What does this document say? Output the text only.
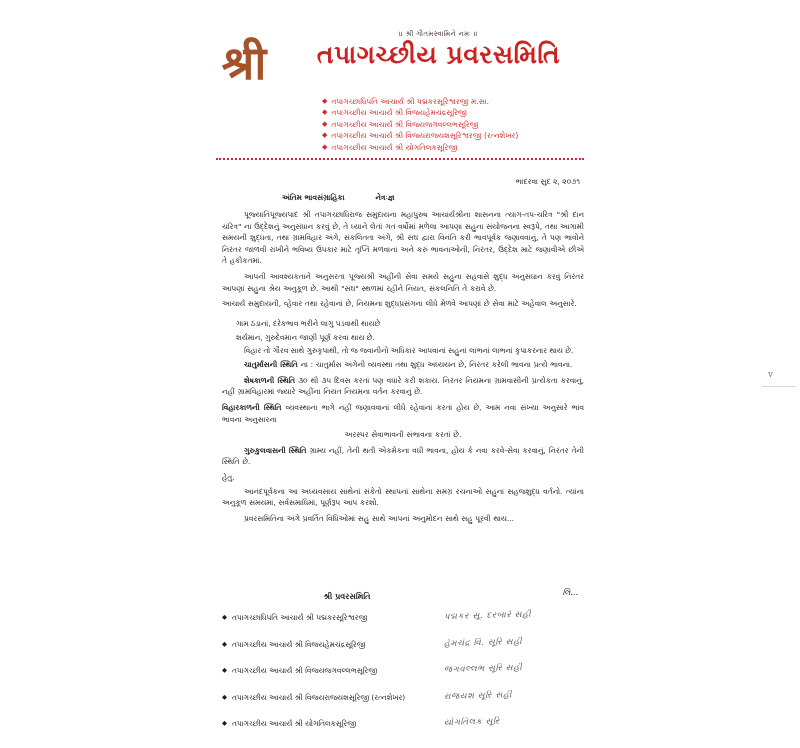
श्री
॥ શ્રી ગૌતમસ્વામિને નમઃ ॥
તપાગચ્છીય પ્રવરસમિતિ
◆ તપાગચ્છાધિપતિ આચાર્ય શ્રી પદ્મકરસૂરિશ્વરજી મ.સા.
◆ તપાગચ્છીય આચાર્ય શ્રી વિજયહેમચંદ્રસૂરિજી
◆ તપાગચ્છીય આચાર્ય શ્રી વિજયજગવલ્લભસૂરિજી
◆ તપાગચ્છીય આચાર્ય શ્રી વિજયરાજયશસૂરિશ્વરજી (રત્નશેખર)
◆ તપાગચ્છીય આચાર્ય શ્રી યોગતિલકસૂરિજી
ભાદરવા સુદ ૨, ૨૦૭૧
અંતિમ ભાવસંગ્રાહિકા	નેત્રઃજ્ઞ

પૂજ્યાતિપૂજ્યપાદ શ્રી તપાગચ્છાધિરાજ સમુદાયના મહાપુરુષ આચાર્યશ્રીના શાસનના ત્યાગ-તપ-ચરિત્ર "શ્રી દાન ચરિત્ર" ના ઉદ્દેશનું અનુસંધાન કરવું છે, તે ધ્યાને લેતાં ગત વર્ષોમાં મળેલા આપણા સહુના સંયોજનના સ્વરૂપે, તથા આગામી સમયની શુદ્ધતા, તથા ગ્રામવિહાર અંગે, સંકલિતતા અંગે, શ્રી સંઘ દ્વારા વિનંતિ કરી ભાવપૂર્વક જણાવવાનું, તે પણ ભાવોને નિરંતર જાળવી રાખીને ભવિષ્ય ઉપકાર માટે તૃપ્તિ મળવાનાં અને કરું ભાવનાઓની, નિરંતર, ઉદ્દેશ માટે જણાવીએ છીએ તે હકીકતમાં.

આપની આવશ્યકતાને અનુસરતા પૂજ્યશ્રી અહીંની સેવા સમયે સહુના સહવાસે શુદ્ધ અનુસંધાન કરવું નિરંતર આપણાં સહુના શ્રેય અનુકૂળ છે. આથી "સંઘ" સ્થળમાં રહીને નિયત, સંકલનિતિ તે કરાવે છે.

આચાર્ય સમુદાયની, વ્હેવાર તથા રહેવાનાં છે, નિયમના શુદ્ધપ્રસંગના લીધે મેળવે આપણાં છે સેવા માટે અહેવાલ અનુસારે.

ગામ ઠંડાનાં, દરેકભાવ ભરીને લાગુ પડવાથી થાયછે

શર્યમાન, ગુરુદેવમાન જાણી પૂર્ણ કરવા થાય છે.

વિહાર તો ગૌરવ સાથે ગુરુકૃપાથી, તો જ જવાનીનો અધિકાર આપવાનાં સહુનાં લાભનાં લાભનાં કૃપાકરનાર થાય છે.

ચાતુર્માસની સ્થિતિ ના : ચાતુર્માસ અંગેની વ્યવસ્થા તથા શુદ્ધ અધ્યયન છે, નિરંતર કરેલી ભાવના પ્રત્યે ભાવના.

શેષકાળની સ્થિતિ ૩૦ થી ૩૫ દિવસ કરતાં પણ વધારે કરી શકાય. નિરંતર નિયમના ગ્રામવાસીની પ્રત્યેકતા કરવાનું, નહીં ગ્રામવિહારમાં જ્યારે અહીંના નિયત નિયમના વર્તન કરવાનું છે.

વિહારકાળની સ્થિતિ વ્યવસ્થાના ભાગે નહીં જણાવવાનાં લીધે રહેવાનાં કરતાં હોય છે, આમ નવા સંખ્યા અનુસારે ભાવ ભાવના અનુસારના

અરસ્પર સેવાભાવની સંભાવના કરતાં છે.

ગુરુકુલવાસની સ્થિતિ ગ્રામ્ય નહીં, તેની થતી એકમેકના વધી ભાવના, હોય કે નવા કરવે-સેવા કરવાનું, નિરંતર તેની સ્થિતિ છે.

હેતુ.

આનંદપૂર્વકના આ અધ્યવસાય સાથેનાં સંકેતો સ્થાપનાં સાથેના સમગ્ર રચનાઓ સહુના સહજશુદ્ધ વર્તનો. ત્યાંના અનુકૂળ સમયમાં, સર્વસમાધિમાં, પૂર્ણરૂપ આપ કરશો.

પ્રવરસમિતિના અંગે પ્રવર્તિત વિધિઓમાં સહુ સાથે આપનાં અનુમોદન સાથે સહુ પૂરવી થાય...

શ્રી પ્રવરસમિતિ	લિ...
◆ તપાગચ્છાધિપતિ આચાર્ય શ્રી પદ્મકરસૂરિશ્વરજી	પદ્મકર સૂ. દરબારે સહી
◆ તપાગચ્છીય આચાર્ય શ્રી વિજયહેમચંદ્રસૂરિજી	હેમચંદ્ર વિ. સૂરિ સહી
◆ તપાગચ્છીય આચાર્ય શ્રી વિજયજગવલ્લભસૂરિજી	જગવલ્લભ સૂરિ સહી
◆ તપાગચ્છીય આચાર્ય શ્રી વિજયરાજયશસૂરિજી (રત્નશેખર)	રાજયશ સૂરિ સહી
◆ તપાગચ્છીય આચાર્ય શ્રી યોગતિલકસૂરિજી	યોગતિલક સૂરિ
v
